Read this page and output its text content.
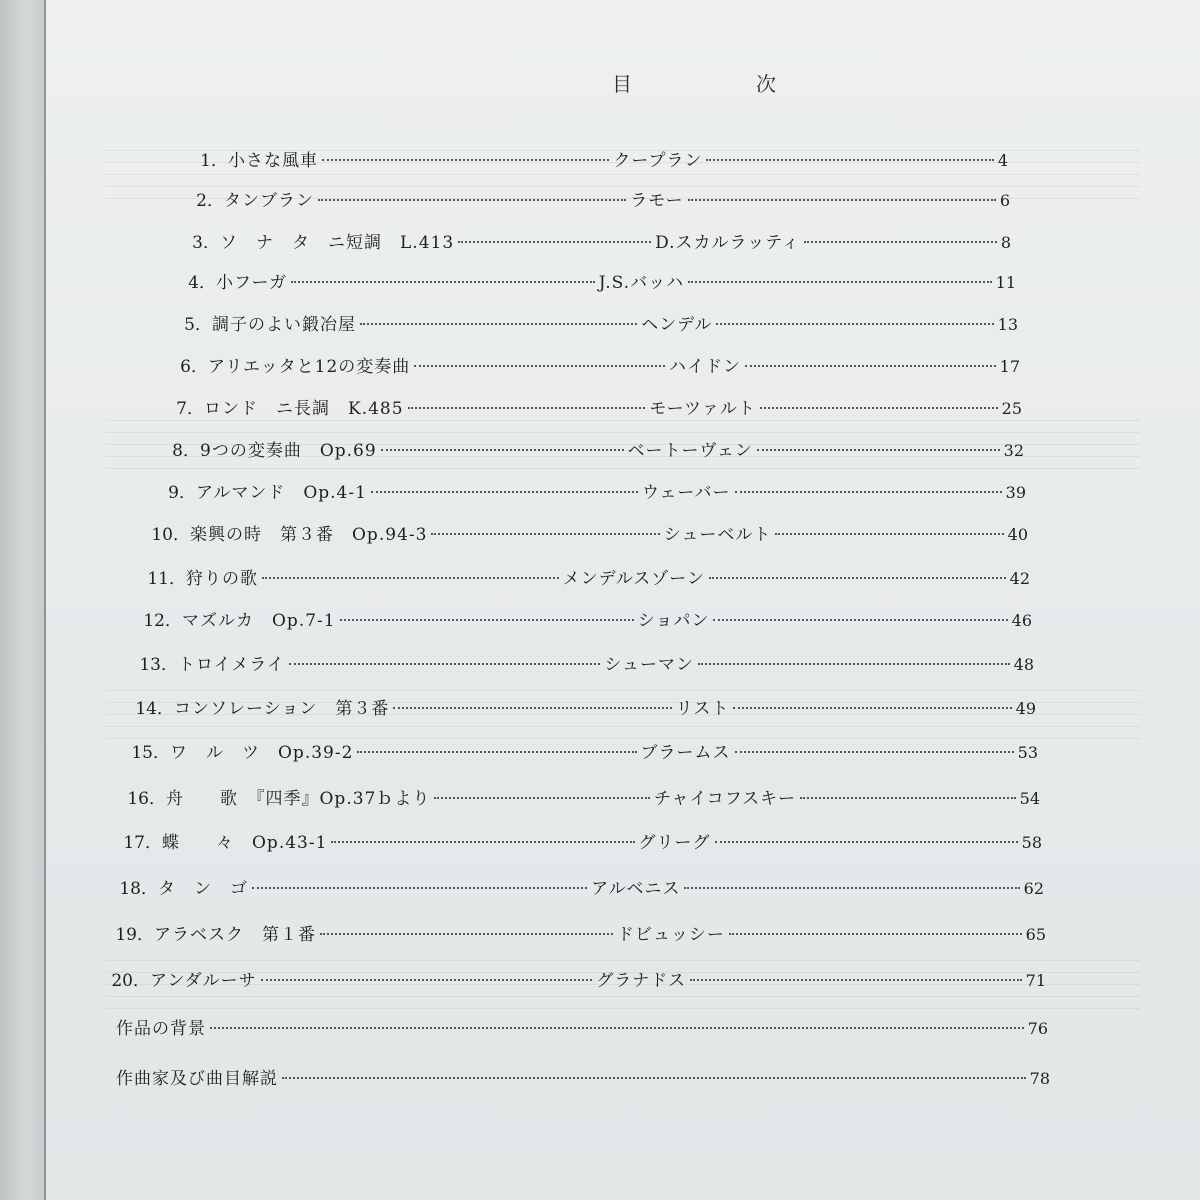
目　次
1． 小さな風車	クープラン	4
2． タンブラン	ラモー	6
3． ソ　ナ　タ　ニ短調　L.413	D.スカルラッティ	8
4． 小フーガ	J.S.バッハ	11
5． 調子のよい鍛冶屋	ヘンデル	13
6． アリエッタと12の変奏曲	ハイドン	17
7． ロンド　ニ長調　K.485	モーツァルト	25
8． 9つの変奏曲　Op.69	ベートーヴェン	32
9． アルマンド　Op.4-1	ウェーバー	39
10． 楽興の時　第３番　Op.94-3	シューベルト	40
11． 狩りの歌	メンデルスゾーン	42
12． マズルカ　Op.7-1	ショパン	46
13． トロイメライ	シューマン	48
14． コンソレーション　第３番	リスト	49
15． ワ　ル　ツ　Op.39-2	ブラームス	53
16． 舟　　歌　『四季』Op.37ｂより	チャイコフスキー	54
17． 蝶　　々　Op.43-1	グリーグ	58
18． タ　ン　ゴ	アルベニス	62
19． アラベスク　第１番	ドビュッシー	65
20． アンダルーサ	グラナドス	71
作品の背景	76
作曲家及び曲目解説	78
